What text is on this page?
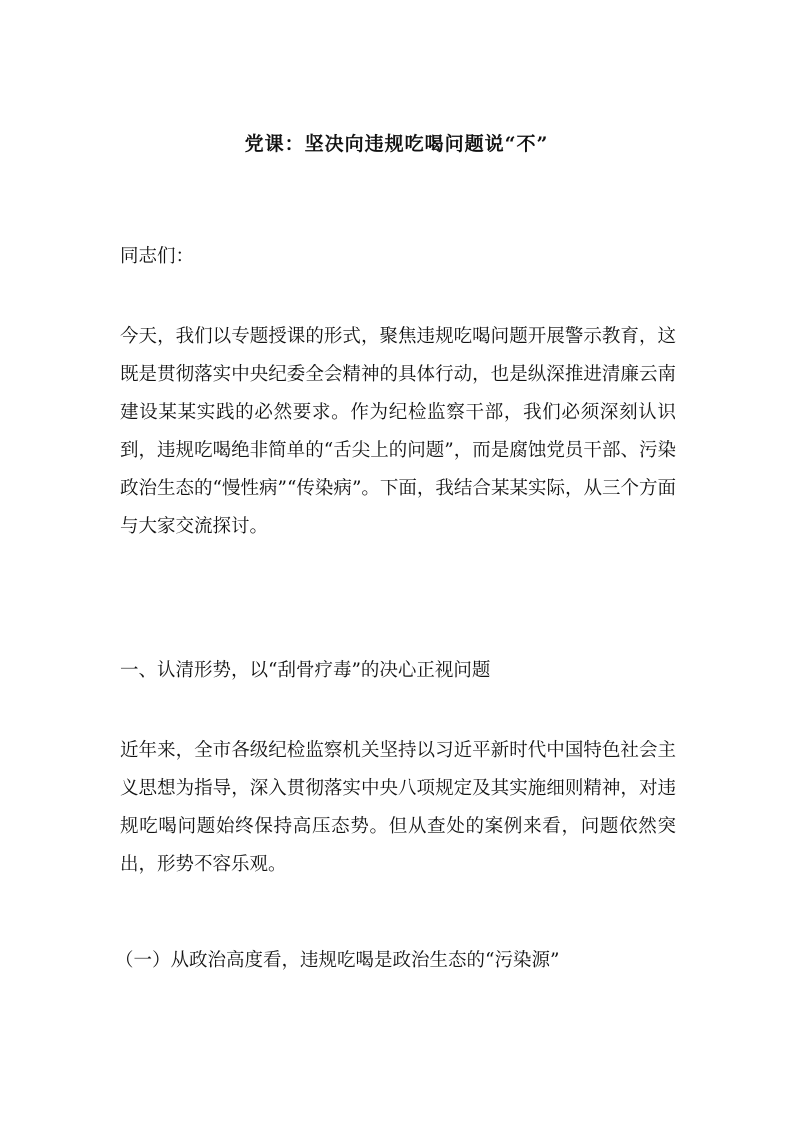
党课：坚决向违规吃喝问题说“不”

同志们：

今天，我们以专题授课的形式，聚焦违规吃喝问题开展警示教育，这既是贯彻落实中央纪委全会精神的具体行动，也是纵深推进清廉云南建设某某实践的必然要求。作为纪检监察干部，我们必须深刻认识到，违规吃喝绝非简单的“舌尖上的问题”，而是腐蚀党员干部、污染政治生态的“慢性病”“传染病”。下面，我结合某某实际，从三个方面与大家交流探讨。

一、认清形势，以“刮骨疗毒”的决心正视问题

近年来，全市各级纪检监察机关坚持以习近平新时代中国特色社会主义思想为指导，深入贯彻落实中央八项规定及其实施细则精神，对违规吃喝问题始终保持高压态势。但从查处的案例来看，问题依然突出，形势不容乐观。

（一）从政治高度看，违规吃喝是政治生态的“污染源”
